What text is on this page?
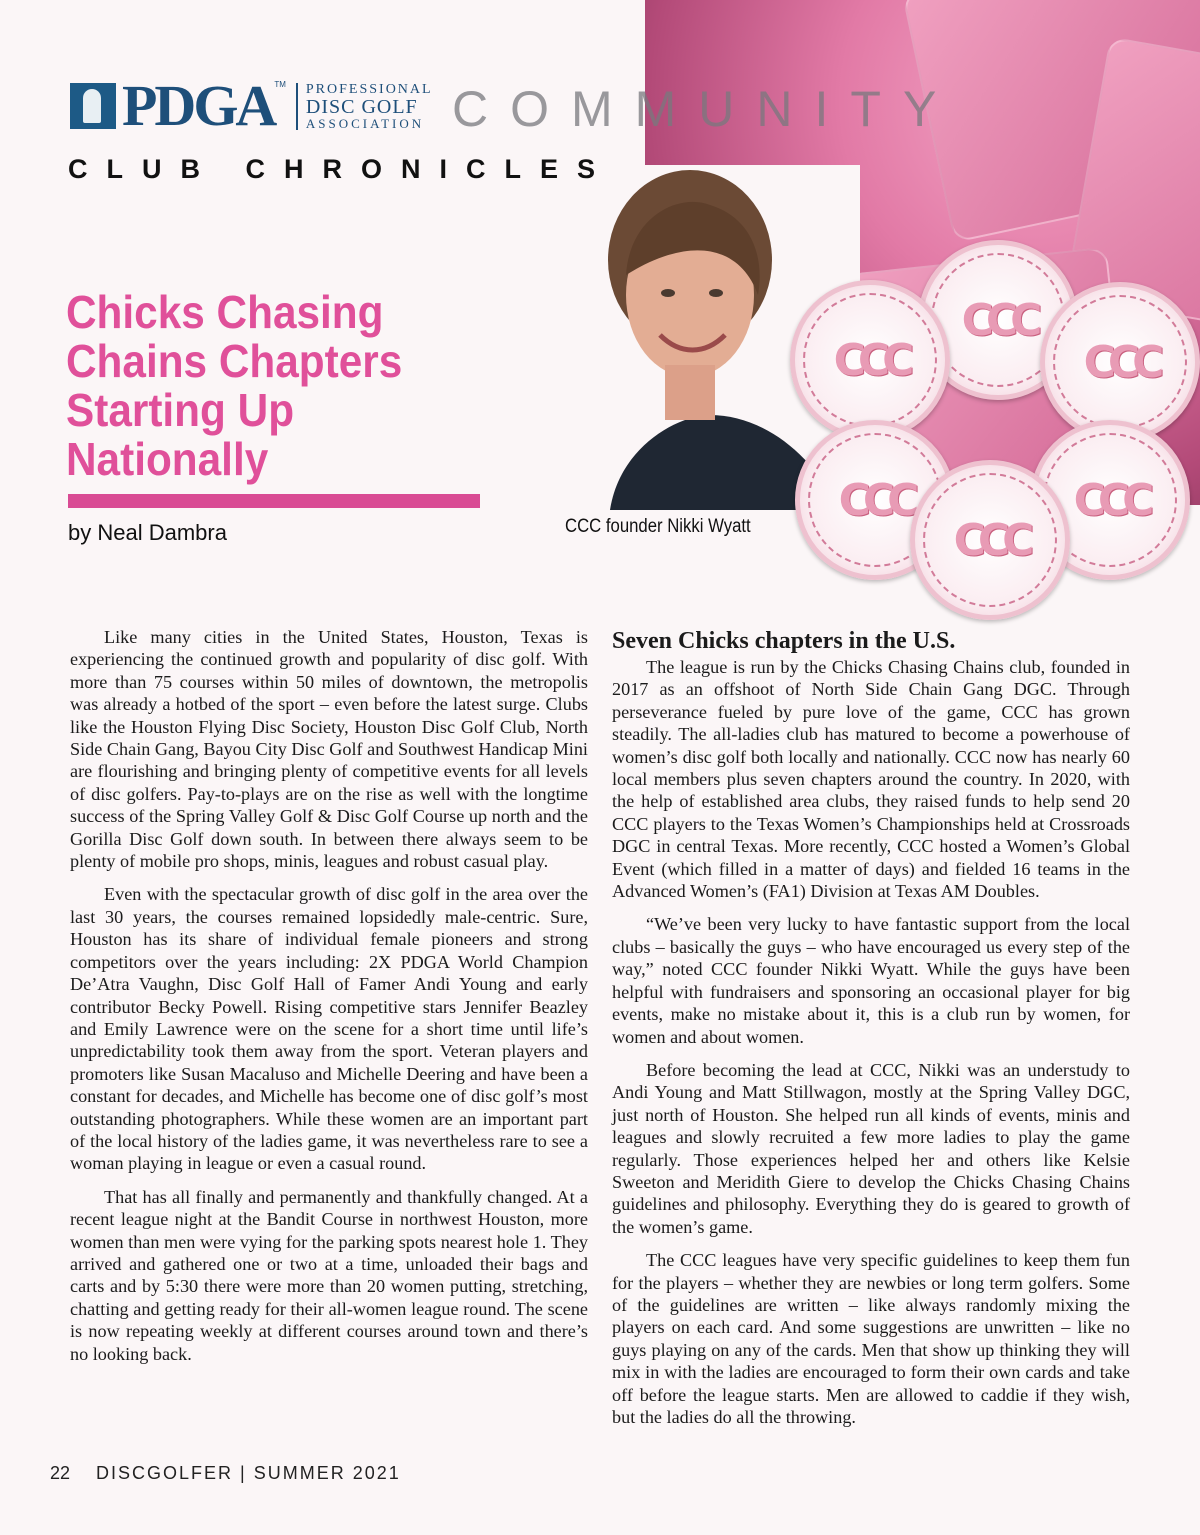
CCC
CCC	CCC
CCC	CCC
CCC
CCC founder Nikki Wyatt
PDGA TM PROFESSIONAL
DISC GOLF
ASSOCIATION COMMUNITY
CLUB CHRONICLES
Chicks Chasing Chains Chapters Starting Up Nationally
by Neal Dambra

Like many cities in the United States, Houston, Texas is experiencing the continued growth and popularity of disc golf. With more than 75 courses within 50 miles of downtown, the metropolis was already a hotbed of the sport – even before the latest surge. Clubs like the Houston Flying Disc Society, Houston Disc Golf Club, North Side Chain Gang, Bayou City Disc Golf and Southwest Handicap Mini are flourishing and bringing plenty of competitive events for all levels of disc golfers. Pay-to-plays are on the rise as well with the longtime success of the Spring Valley Golf & Disc Golf Course up north and the Gorilla Disc Golf down south. In between there always seem to be plenty of mobile pro shops, minis, leagues and robust casual play.

Even with the spectacular growth of disc golf in the area over the last 30 years, the courses remained lopsidedly male-centric. Sure, Houston has its share of individual female pioneers and strong competitors over the years including: 2X PDGA World Champion De’Atra Vaughn, Disc Golf Hall of Famer Andi Young and early contributor Becky Powell. Rising competitive stars Jennifer Beazley and Emily Lawrence were on the scene for a short time until life’s unpredictability took them away from the sport. Veteran players and promoters like Susan Macaluso and Michelle Deering and have been a constant for decades, and Michelle has become one of disc golf’s most outstanding photographers. While these women are an important part of the local history of the ladies game, it was nevertheless rare to see a woman playing in league or even a casual round.

That has all finally and permanently and thankfully changed. At a recent league night at the Bandit Course in northwest Houston, more women than men were vying for the parking spots nearest hole 1. They arrived and gathered one or two at a time, unloaded their bags and carts and by 5:30 there were more than 20 women putting, stretching, chatting and getting ready for their all-women league round. The scene is now repeating weekly at different courses around town and there’s no looking back.

Seven Chicks chapters in the U.S.

The league is run by the Chicks Chasing Chains club, founded in 2017 as an offshoot of North Side Chain Gang DGC. Through perseverance fueled by pure love of the game, CCC has grown steadily. The all-ladies club has matured to become a powerhouse of women’s disc golf both locally and nationally. CCC now has nearly 60 local members plus seven chapters around the country. In 2020, with the help of established area clubs, they raised funds to help send 20 CCC players to the Texas Women’s Championships held at Crossroads DGC in central Texas. More recently, CCC hosted a Women’s Global Event (which filled in a matter of days) and fielded 16 teams in the Advanced Women’s (FA1) Division at Texas AM Doubles.

“We’ve been very lucky to have fantastic support from the local clubs – basically the guys – who have encouraged us every step of the way,” noted CCC founder Nikki Wyatt. While the guys have been helpful with fundraisers and sponsoring an occasional player for big events, make no mistake about it, this is a club run by women, for women and about women.

Before becoming the lead at CCC, Nikki was an understudy to Andi Young and Matt Stillwagon, mostly at the Spring Valley DGC, just north of Houston. She helped run all kinds of events, minis and leagues and slowly recruited a few more ladies to play the game regularly. Those experiences helped her and others like Kelsie Sweeton and Meridith Giere to develop the Chicks Chasing Chains guidelines and philosophy. Everything they do is geared to growth of the women’s game.

The CCC leagues have very specific guidelines to keep them fun for the players – whether they are newbies or long term golfers. Some of the guidelines are written – like always randomly mixing the players on each card. And some suggestions are unwritten – like no guys playing on any of the cards. Men that show up thinking they will mix in with the ladies are encouraged to form their own cards and take off before the league starts. Men are allowed to caddie if they wish, but the ladies do all the throwing.

22 DISCGOLFER | SUMMER 2021
